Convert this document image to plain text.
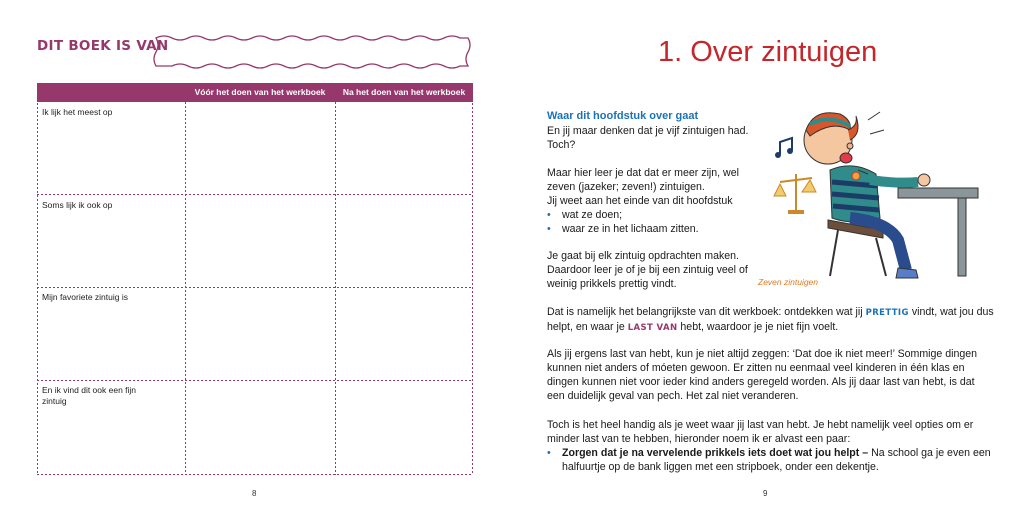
DIT BOEK IS VAN
Vóór het doen van het werkboek	Na het doen van het werkboek
Ik lijk het meest op
Soms lijk ik ook op
Mijn favoriete zintuig is
En ik vind dit ook een fijn zintuig
8
1. Over zintuigen
Waar dit hoofdstuk over gaat

En jij maar denken dat je vijf zintuigen had. Toch?

Maar hier leer je dat dat er meer zijn, wel zeven (jazeker; zeven!) zintuigen.

Jij weet aan het einde van dit hoofdstuk

• wat ze doen;
• waar ze in het lichaam zitten.

Je gaat bij elk zintuig opdrachten maken. Daardoor leer je of je bij een zintuig veel of weinig prikkels prettig vindt.	Zeven zintuigen

Dat is namelijk het belangrijkste van dit werkboek: ontdekken wat jij PRETTIG vindt, wat jou dus helpt, en waar je LAST VAN hebt, waardoor je je niet fijn voelt.

Als jij ergens last van hebt, kun je niet altijd zeggen: ‘Dat doe ik niet meer!’ Sommige dingen kunnen niet anders of móeten gewoon. Er zitten nu eenmaal veel kinderen in één klas en dingen kunnen niet voor ieder kind anders geregeld worden. Als jij daar last van hebt, is dat een duidelijk geval van pech. Het zal niet veranderen.

Toch is het heel handig als je weet waar jij last van hebt. Je hebt namelijk veel opties om er minder last van te hebben, hieronder noem ik er alvast een paar:

• Zorgen dat je na vervelende prikkels iets doet wat jou helpt – Na school ga je even een halfuurtje op de bank liggen met een stripboek, onder een dekentje.
9
